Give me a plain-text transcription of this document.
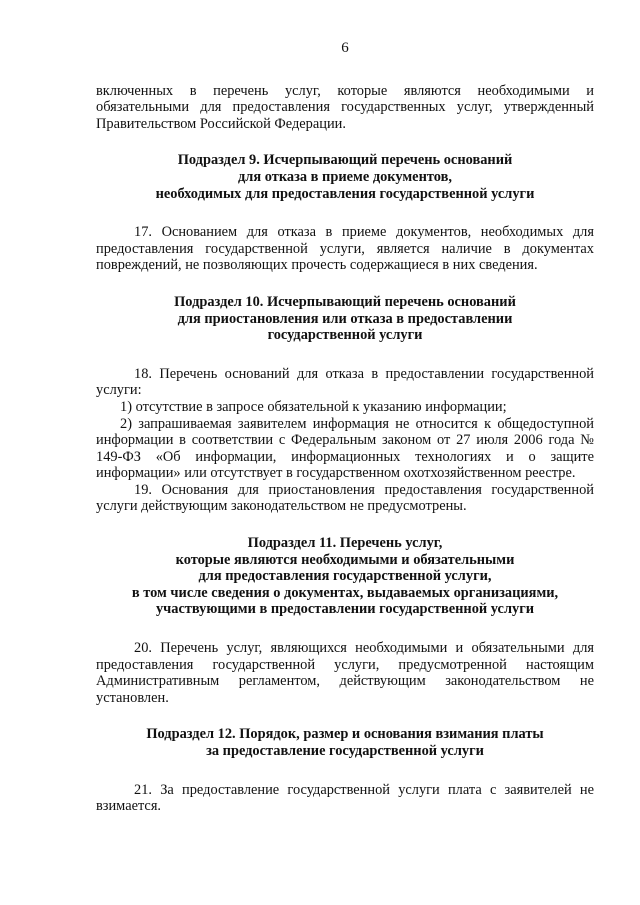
6

включенных в перечень услуг, которые являются необходимыми и обязательными для предоставления государственных услуг, утвержденный Правительством Российской Федерации.

Подраздел 9. Исчерпывающий перечень оснований
для отказа в приеме документов,
необходимых для предоставления государственной услуги

17. Основанием для отказа в приеме документов, необходимых для предоставления государственной услуги, является наличие в документах повреждений, не позволяющих прочесть содержащиеся в них сведения.

Подраздел 10. Исчерпывающий перечень оснований
для приостановления или отказа в предоставлении
государственной услуги

18. Перечень оснований для отказа в предоставлении государственной услуги:

1) отсутствие в запросе обязательной к указанию информации;

2) запрашиваемая заявителем информация не относится к общедоступной информации в соответствии с Федеральным законом от 27 июля 2006 года № 149-ФЗ «Об информации, информационных технологиях и о защите информации» или отсутствует в государственном охотхозяйственном реестре.

19. Основания для приостановления предоставления государственной услуги действующим законодательством не предусмотрены.

Подраздел 11. Перечень услуг,
которые являются необходимыми и обязательными
для предоставления государственной услуги,
в том числе сведения о документах, выдаваемых организациями,
участвующими в предоставлении государственной услуги

20. Перечень услуг, являющихся необходимыми и обязательными для предоставления государственной услуги, предусмотренной настоящим Административным регламентом, действующим законодательством не установлен.

Подраздел 12. Порядок, размер и основания взимания платы
за предоставление государственной услуги

21. За предоставление государственной услуги плата с заявителей не взимается.
